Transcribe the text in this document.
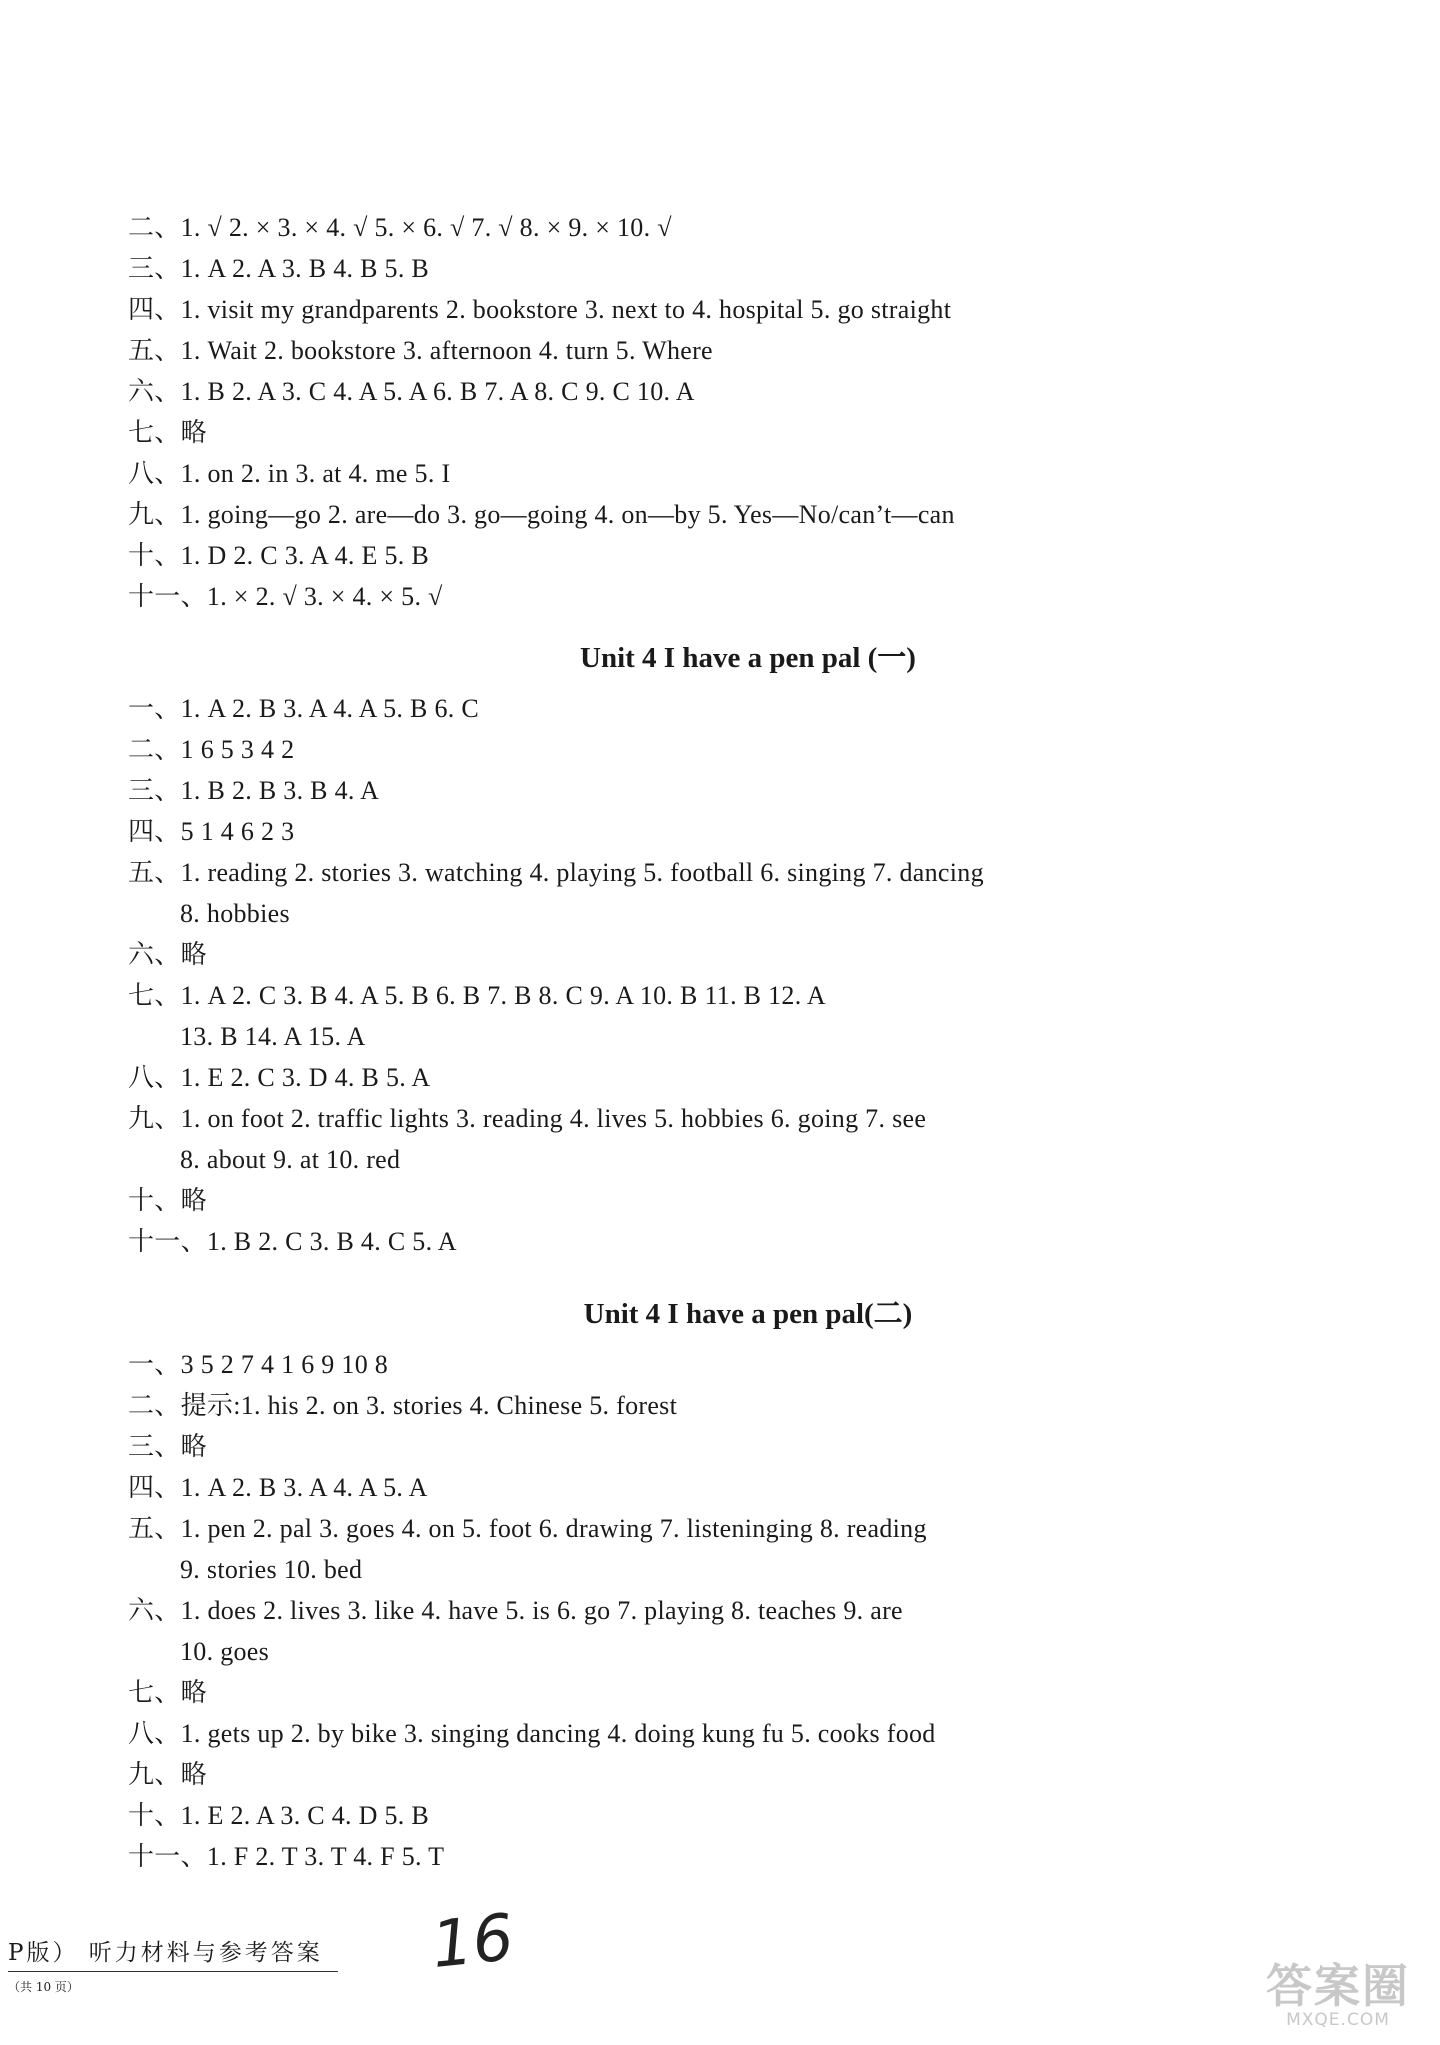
二、1. √ 2. × 3. × 4. √ 5. × 6. √ 7. √ 8. × 9. × 10. √
三、1. A 2. A 3. B 4. B 5. B
四、1. visit my grandparents 2. bookstore 3. next to 4. hospital 5. go straight
五、1. Wait 2. bookstore 3. afternoon 4. turn 5. Where
六、1. B 2. A 3. C 4. A 5. A 6. B 7. A 8. C 9. C 10. A
七、略
八、1. on 2. in 3. at 4. me 5. I
九、1. going—go 2. are—do 3. go—going 4. on—by 5. Yes—No/can’t—can
十、1. D 2. C 3. A 4. E 5. B
十一、1. × 2. √ 3. × 4. × 5. √
Unit 4 I have a pen pal (一)
一、1. A 2. B 3. A 4. A 5. B 6. C
二、1 6 5 3 4 2
三、1. B 2. B 3. B 4. A
四、5 1 4 6 2 3
五、1. reading 2. stories 3. watching 4. playing 5. football 6. singing 7. dancing
8. hobbies
六、略
七、1. A 2. C 3. B 4. A 5. B 6. B 7. B 8. C 9. A 10. B 11. B 12. A
13. B 14. A 15. A
八、1. E 2. C 3. D 4. B 5. A
九、1. on foot 2. traffic lights 3. reading 4. lives 5. hobbies 6. going 7. see
8. about 9. at 10. red
十、略
十一、1. B 2. C 3. B 4. C 5. A
Unit 4 I have a pen pal(二)
一、3 5 2 7 4 1 6 9 10 8
二、提示:1. his 2. on 3. stories 4. Chinese 5. forest
三、略
四、1. A 2. B 3. A 4. A 5. A
五、1. pen 2. pal 3. goes 4. on 5. foot 6. drawing 7. listeninging 8. reading
9. stories 10. bed
六、1. does 2. lives 3. like 4. have 5. is 6. go 7. playing 8. teaches 9. are
10. goes
七、略
八、1. gets up 2. by bike 3. singing dancing 4. doing kung fu 5. cooks food
九、略
十、1. E 2. A 3. C 4. D 5. B
十一、1. F 2. T 3. T 4. F 5. T
P版） 听力材料与参考答案
（共 10 页）
16
答案圈
MXQE.COM
